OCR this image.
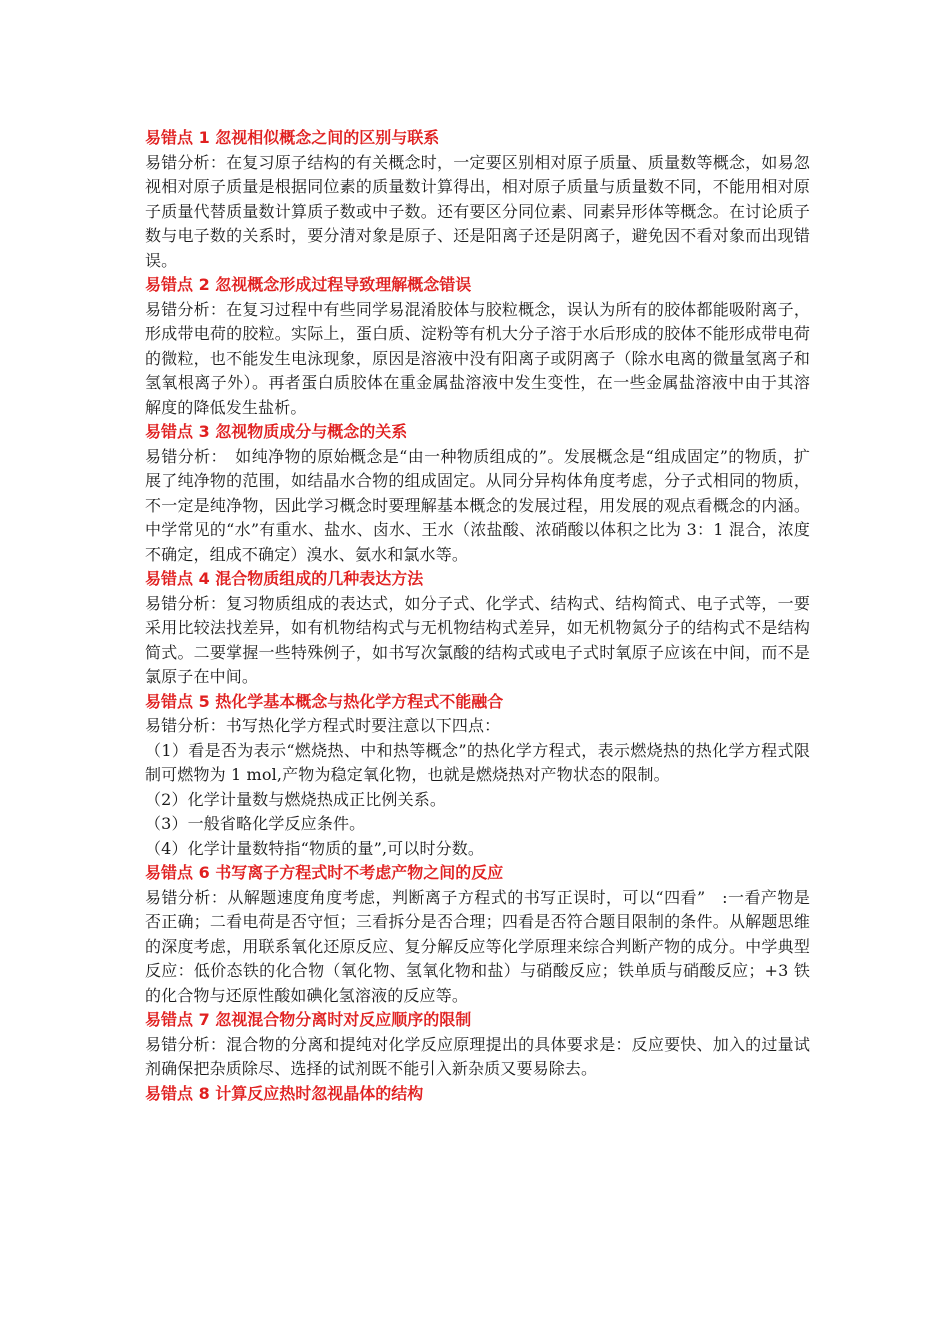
易错点 1 忽视相似概念之间的区别与联系

易错分析：在复习原子结构的有关概念时，一定要区别相对原子质量、质量数等概念，如易忽视相对原子质量是根据同位素的质量数计算得出，相对原子质量与质量数不同，不能用相对原子质量代替质量数计算质子数或中子数。还有要区分同位素、同素异形体等概念。在讨论质子数与电子数的关系时，要分清对象是原子、还是阳离子还是阴离子，避免因不看对象而出现错误。

易错点 2 忽视概念形成过程导致理解概念错误

易错分析：在复习过程中有些同学易混淆胶体与胶粒概念，误认为所有的胶体都能吸附离子，形成带电荷的胶粒。实际上，蛋白质、淀粉等有机大分子溶于水后形成的胶体不能形成带电荷的微粒，也不能发生电泳现象，原因是溶液中没有阳离子或阴离子（除水电离的微量氢离子和氢氧根离子外）。再者蛋白质胶体在重金属盐溶液中发生变性，在一些金属盐溶液中由于其溶解度的降低发生盐析。

易错点 3 忽视物质成分与概念的关系

易错分析：　如纯净物的原始概念是“由一种物质组成的”。发展概念是“组成固定”的物质，扩展了纯净物的范围，如结晶水合物的组成固定。从同分异构体角度考虑，分子式相同的物质，不一定是纯净物，因此学习概念时要理解基本概念的发展过程，用发展的观点看概念的内涵。中学常见的“水”有重水、盐水、卤水、王水（浓盐酸、浓硝酸以体积之比为 3：1 混合，浓度不确定，组成不确定）溴水、氨水和氯水等。

易错点 4 混合物质组成的几种表达方法

易错分析：复习物质组成的表达式，如分子式、化学式、结构式、结构简式、电子式等，一要采用比较法找差异，如有机物结构式与无机物结构式差异，如无机物氮分子的结构式不是结构简式。二要掌握一些特殊例子，如书写次氯酸的结构式或电子式时氧原子应该在中间，而不是氯原子在中间。

易错点 5 热化学基本概念与热化学方程式不能融合

易错分析：书写热化学方程式时要注意以下四点：

（1）看是否为表示“燃烧热、中和热等概念”的热化学方程式，表示燃烧热的热化学方程式限制可燃物为 1 mol,产物为稳定氧化物，也就是燃烧热对产物状态的限制。

（2）化学计量数与燃烧热成正比例关系。

（3）一般省略化学反应条件。

（4）化学计量数特指“物质的量”,可以时分数。

易错点 6 书写离子方程式时不考虑产物之间的反应

易错分析：从解题速度角度考虑，判断离子方程式的书写正误时，可以“四看”　:一看产物是否正确；二看电荷是否守恒；三看拆分是否合理；四看是否符合题目限制的条件。从解题思维的深度考虑，用联系氧化还原反应、复分解反应等化学原理来综合判断产物的成分。中学典型反应：低价态铁的化合物（氧化物、氢氧化物和盐）与硝酸反应；铁单质与硝酸反应；+3 铁的化合物与还原性酸如碘化氢溶液的反应等。

易错点 7 忽视混合物分离时对反应顺序的限制

易错分析：混合物的分离和提纯对化学反应原理提出的具体要求是：反应要快、加入的过量试剂确保把杂质除尽、选择的试剂既不能引入新杂质又要易除去。

易错点 8 计算反应热时忽视晶体的结构
